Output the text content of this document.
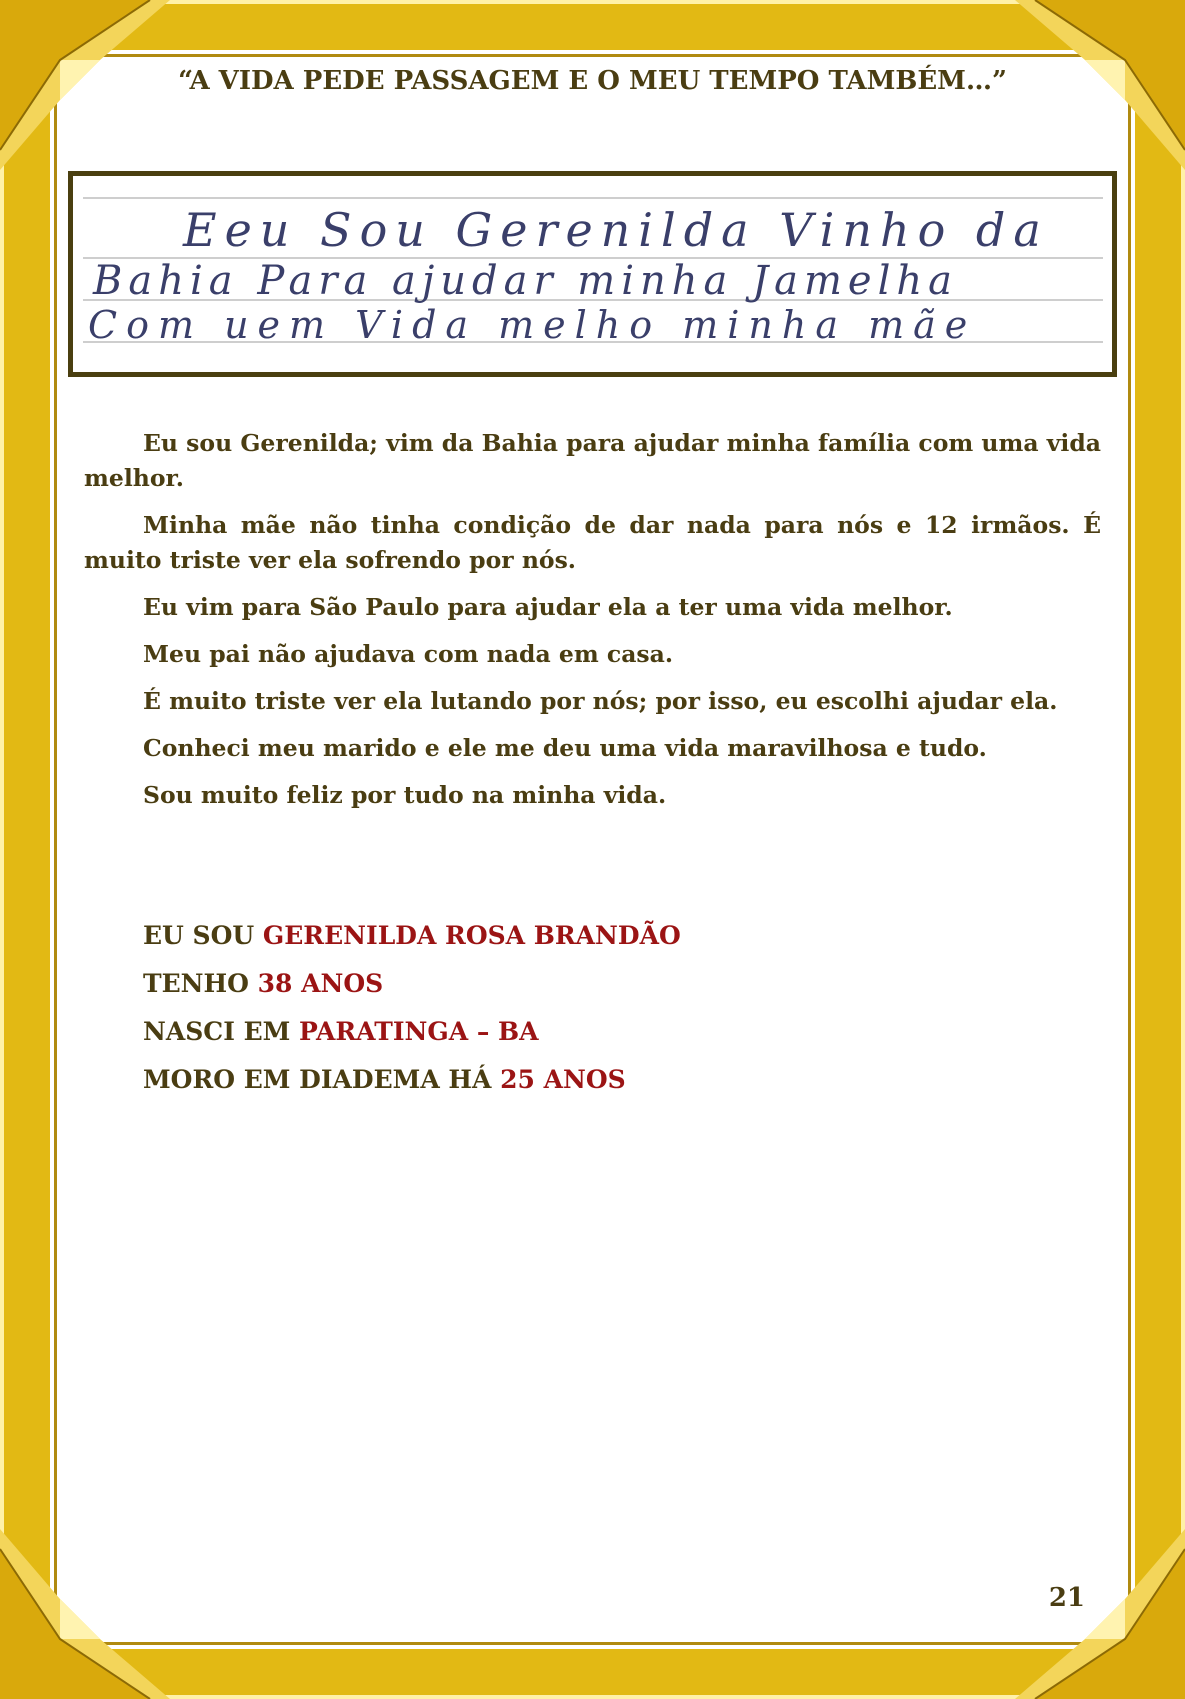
“A VIDA PEDE PASSAGEM E O MEU TEMPO TAMBÉM…”
Eeu Sou Gerenilda Vinho da
Bahia Para ajudar minha Jamelha
Com uem Vida melho minha mãe

Eu sou Gerenilda; vim da Bahia para ajudar minha família com uma vida melhor.

Minha mãe não tinha condição de dar nada para nós e 12 irmãos. É muito triste ver ela sofrendo por nós.

Eu vim para São Paulo para ajudar ela a ter uma vida melhor.

Meu pai não ajudava com nada em casa.

É muito triste ver ela lutando por nós; por isso, eu escolhi ajudar ela.

Conheci meu marido e ele me deu uma vida maravilhosa e tudo.

Sou muito feliz por tudo na minha vida.

EU SOU GERENILDA ROSA BRANDÃO
TENHO 38 ANOS
NASCI EM PARATINGA – BA
MORO EM DIADEMA HÁ 25 ANOS
21
